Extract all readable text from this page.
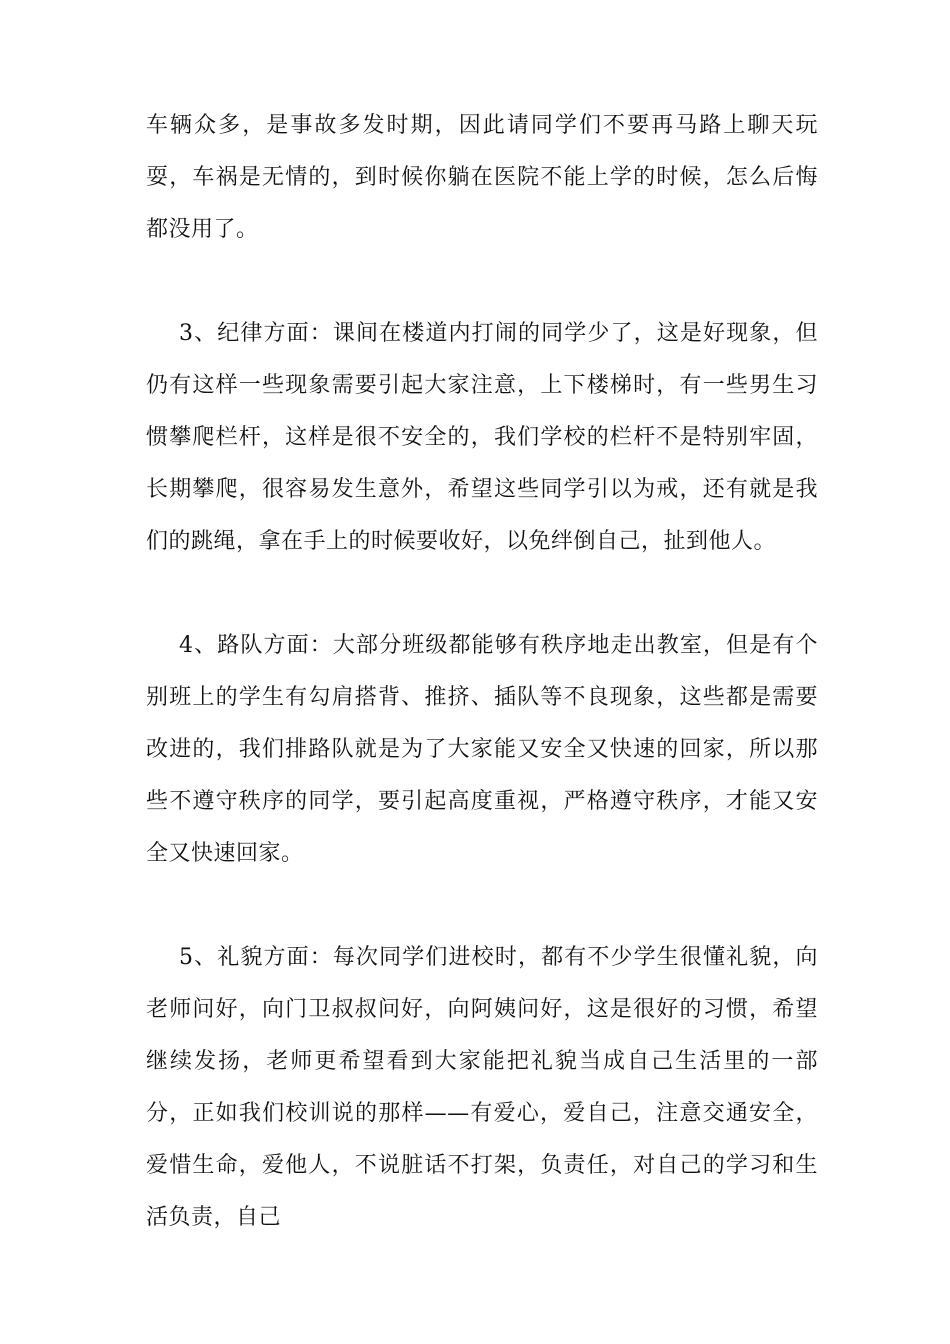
车辆众多，是事故多发时期，因此请同学们不要再马路上聊天玩耍，车祸是无情的，到时候你躺在医院不能上学的时候，怎么后悔都没用了。

3、纪律方面：课间在楼道内打闹的同学少了，这是好现象，但仍有这样一些现象需要引起大家注意，上下楼梯时，有一些男生习惯攀爬栏杆，这样是很不安全的，我们学校的栏杆不是特别牢固，长期攀爬，很容易发生意外，希望这些同学引以为戒，还有就是我们的跳绳，拿在手上的时候要收好，以免绊倒自己，扯到他人。

4、路队方面：大部分班级都能够有秩序地走出教室，但是有个别班上的学生有勾肩搭背、推挤、插队等不良现象，这些都是需要改进的，我们排路队就是为了大家能又安全又快速的回家，所以那些不遵守秩序的同学，要引起高度重视，严格遵守秩序，才能又安全又快速回家。

5、礼貌方面：每次同学们进校时，都有不少学生很懂礼貌，向老师问好，向门卫叔叔问好，向阿姨问好，这是很好的习惯，希望继续发扬，老师更希望看到大家能把礼貌当成自己生活里的一部分，正如我们校训说的那样——有爱心，爱自己，注意交通安全，爱惜生命，爱他人，不说脏话不打架，负责任，对自己的学习和生活负责，自己
